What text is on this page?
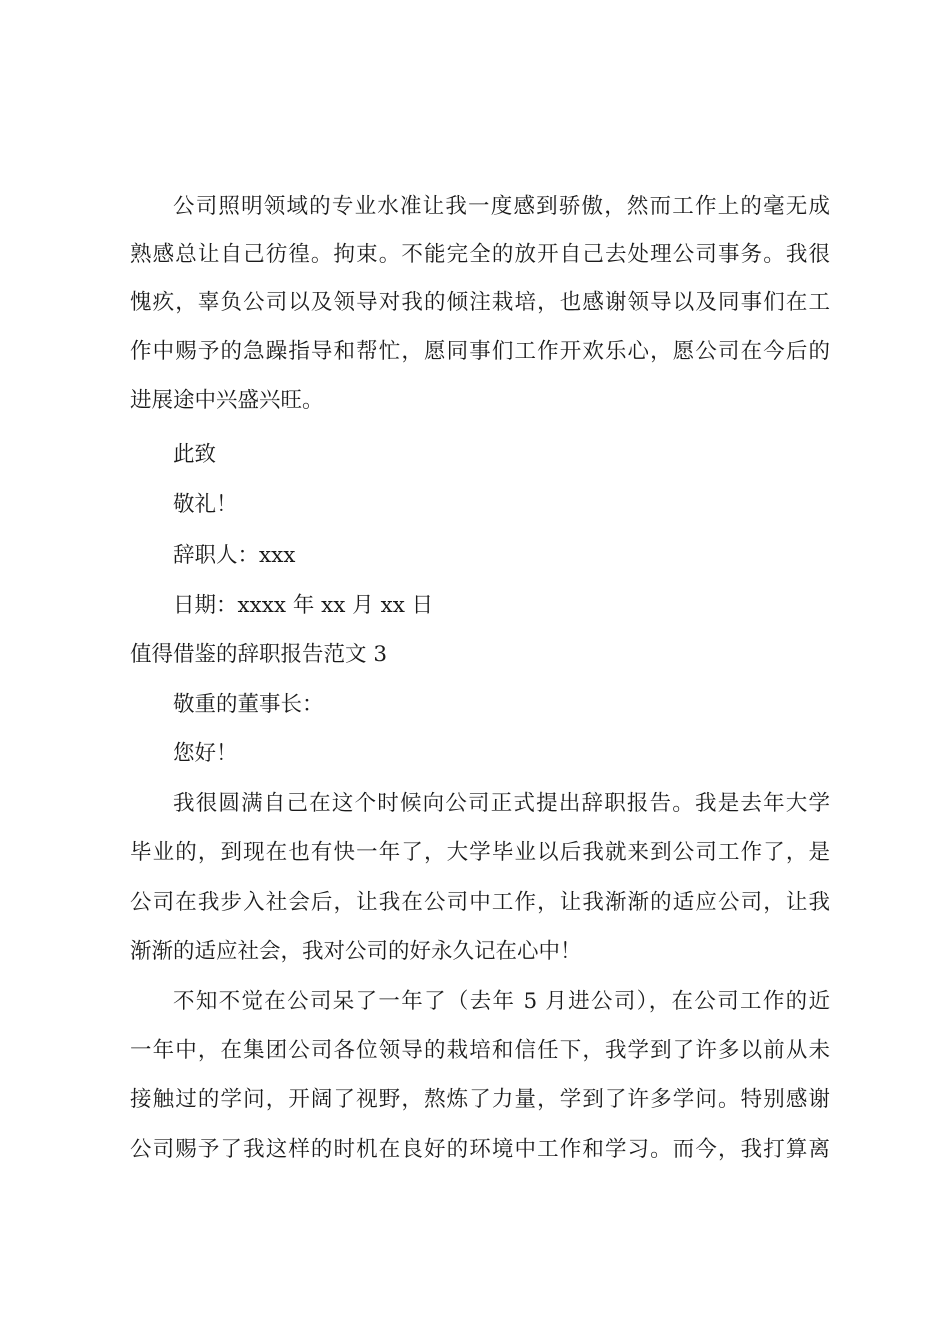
公司照明领域的专业水准让我一度感到骄傲，然而工作上的毫无成
熟感总让自己彷徨。拘束。不能完全的放开自己去处理公司事务。我很
愧疚，辜负公司以及领导对我的倾注栽培，也感谢领导以及同事们在工
作中赐予的急躁指导和帮忙，愿同事们工作开欢乐心，愿公司在今后的
进展途中兴盛兴旺。
此致
敬礼！
辞职人：xxx
日期：xxxx 年 xx 月 xx 日
值得借鉴的辞职报告范文 3
敬重的董事长：
您好！
我很圆满自己在这个时候向公司正式提出辞职报告。我是去年大学
毕业的，到现在也有快一年了，大学毕业以后我就来到公司工作了，是
公司在我步入社会后，让我在公司中工作，让我渐渐的适应公司，让我
渐渐的适应社会，我对公司的好永久记在心中！
不知不觉在公司呆了一年了（去年 5 月进公司），在公司工作的近
一年中，在集团公司各位领导的栽培和信任下，我学到了许多以前从未
接触过的学问，开阔了视野，熬炼了力量，学到了许多学问。特别感谢
公司赐予了我这样的时机在良好的环境中工作和学习。而今，我打算离
